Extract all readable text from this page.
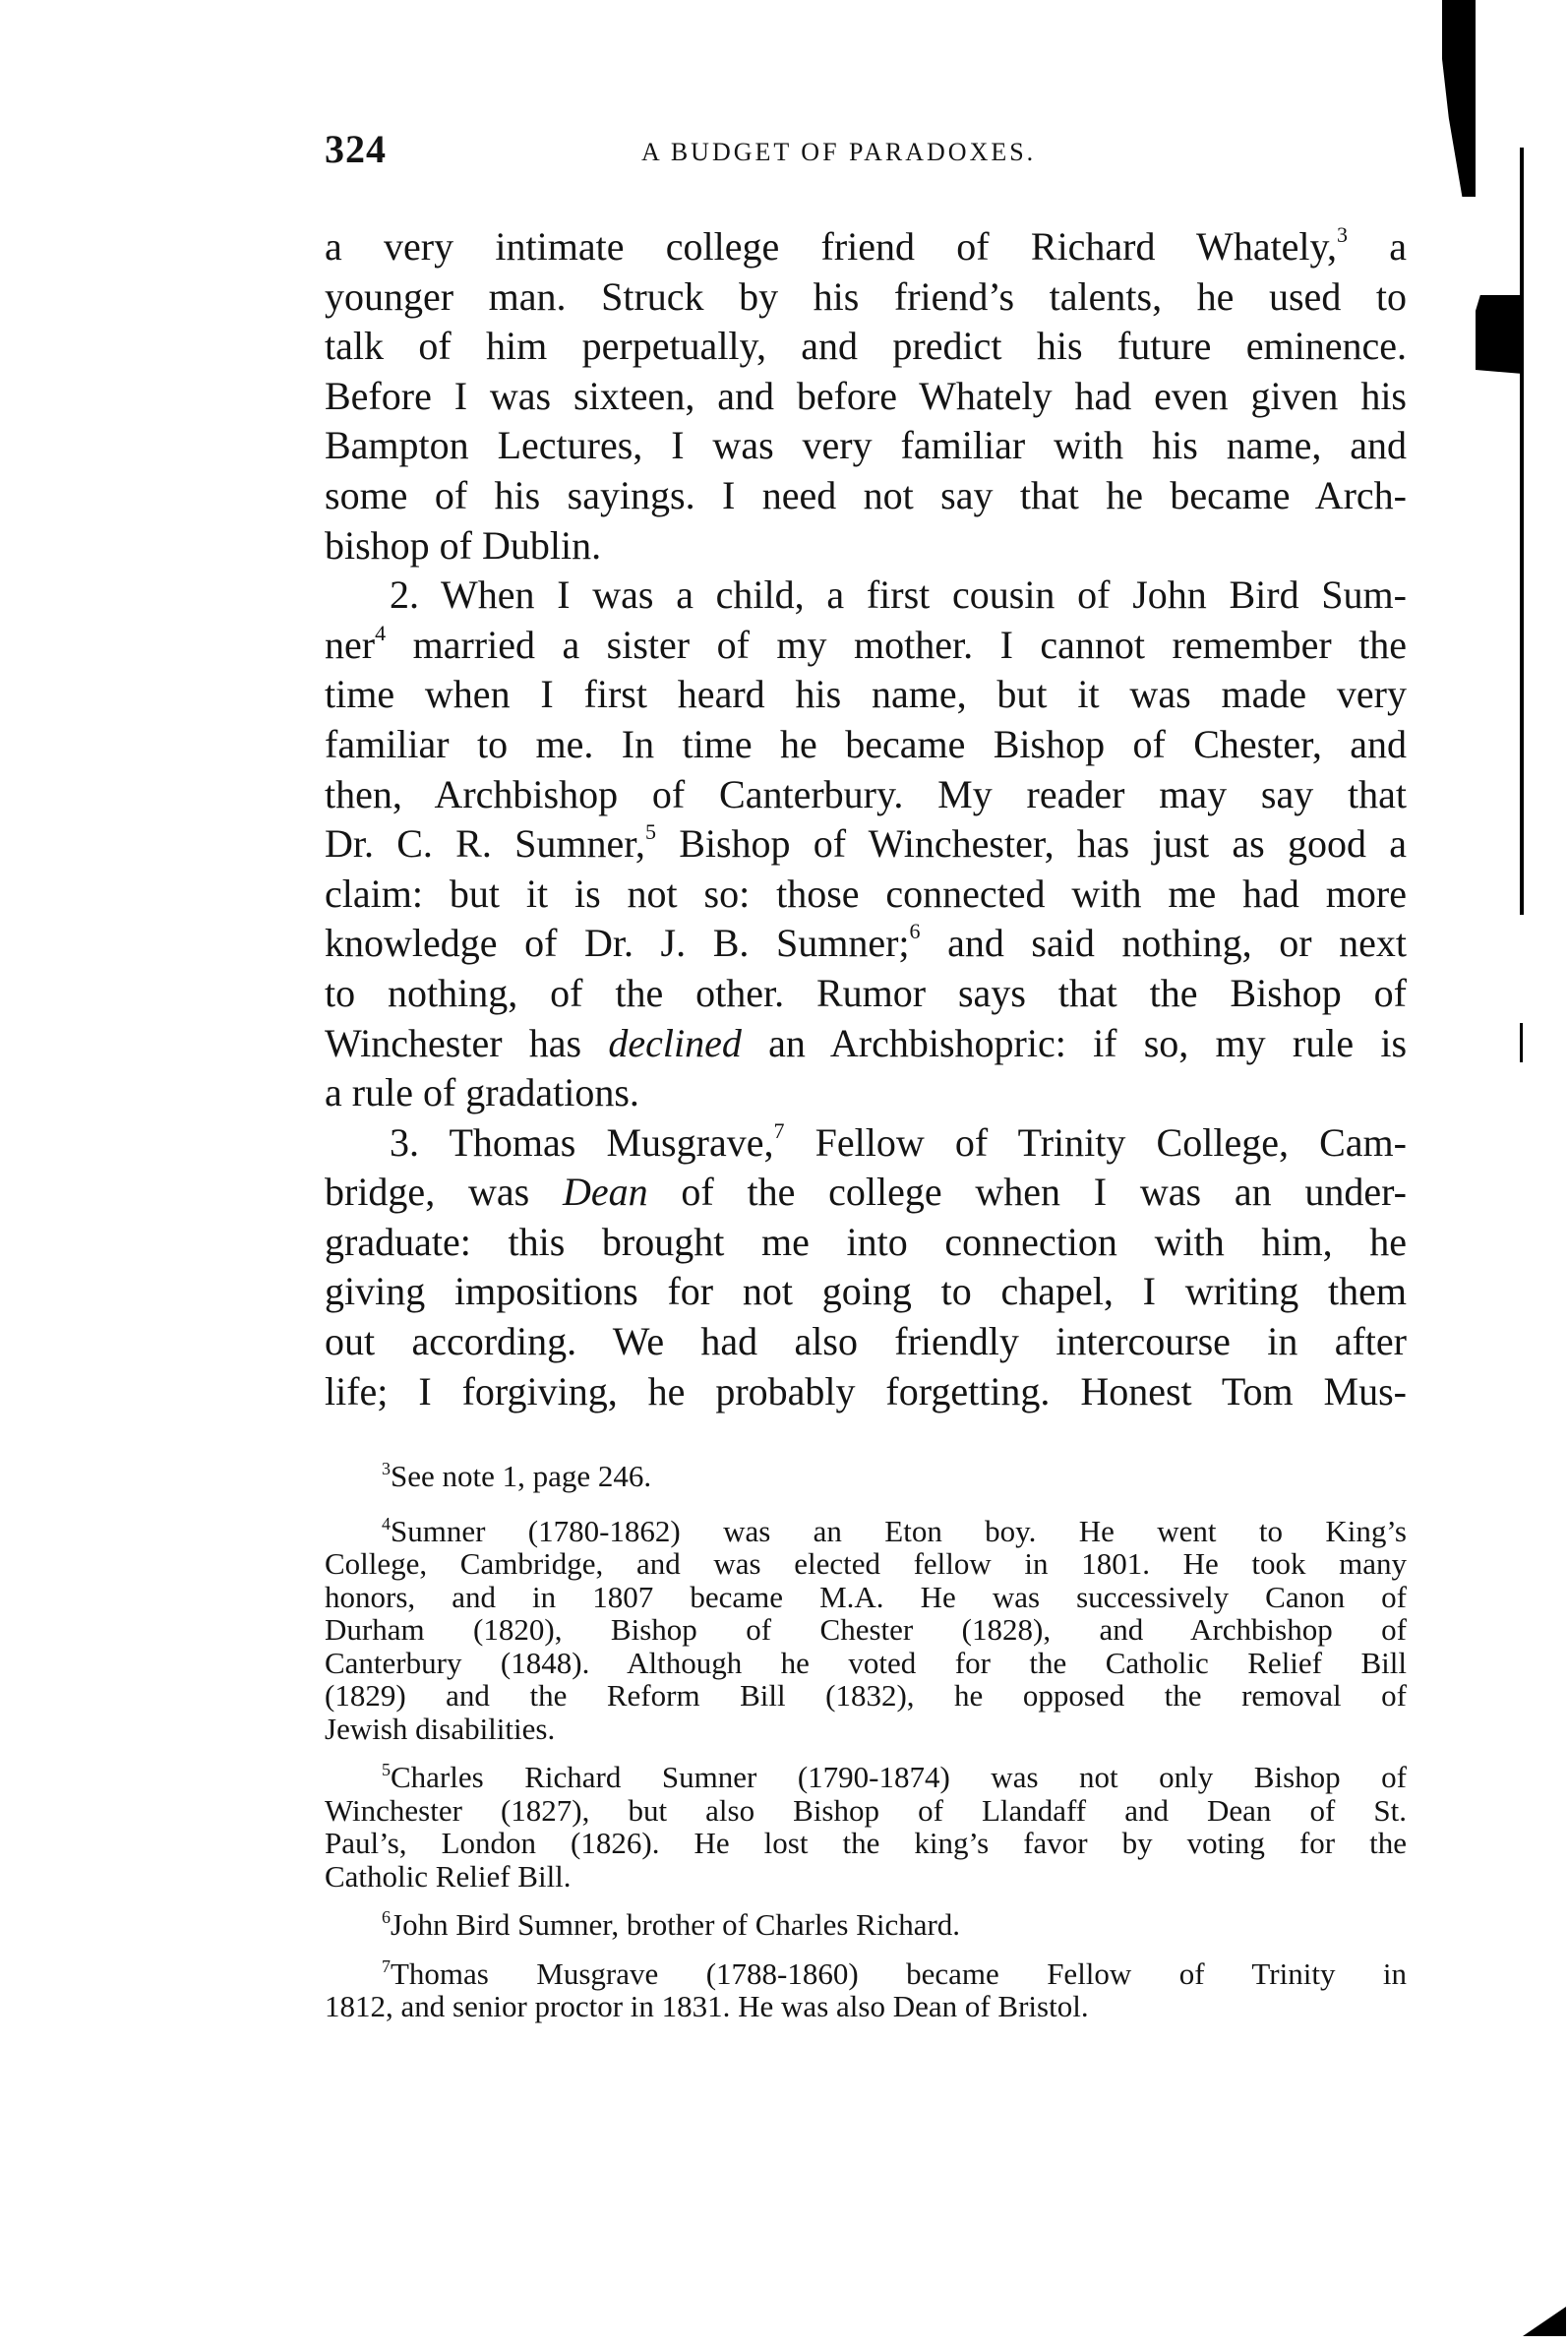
324	A BUDGET OF PARADOXES.
a very intimate college friend of Richard Whately,$^3$ a
younger man. Struck by his friend’s talents, he used to
talk of him perpetually, and predict his future eminence.
Before I was sixteen, and before Whately had even given his
Bampton Lectures, I was very familiar with his name, and
some of his sayings. I need not say that he became Arch-
bishop of Dublin.
2. When I was a child, a first cousin of John Bird Sum-
ner$^4$ married a sister of my mother. I cannot remember the
time when I first heard his name, but it was made very
familiar to me. In time he became Bishop of Chester, and
then, Archbishop of Canterbury. My reader may say that
Dr. C. R. Sumner,$^5$ Bishop of Winchester, has just as good a
claim: but it is not so: those connected with me had more
knowledge of Dr. J. B. Sumner;$^6$ and said nothing, or next
to nothing, of the other. Rumor says that the Bishop of
Winchester has declined an Archbishopric: if so, my rule is
a rule of gradations.
3. Thomas Musgrave,$^7$ Fellow of Trinity College, Cam-
bridge, was Dean of the college when I was an under-
graduate: this brought me into connection with him, he
giving impositions for not going to chapel, I writing them
out according. We had also friendly intercourse in after
life; I forgiving, he probably forgetting. Honest Tom Mus-
$^3$See note 1, page 246.
$^4$Sumner (1780-1862) was an Eton boy. He went to King’s
College, Cambridge, and was elected fellow in 1801. He took many
honors, and in 1807 became M.A. He was successively Canon of
Durham (1820), Bishop of Chester (1828), and Archbishop of
Canterbury (1848). Although he voted for the Catholic Relief Bill
(1829) and the Reform Bill (1832), he opposed the removal of
Jewish disabilities.
$^5$Charles Richard Sumner (1790-1874) was not only Bishop of
Winchester (1827), but also Bishop of Llandaff and Dean of St.
Paul’s, London (1826). He lost the king’s favor by voting for the
Catholic Relief Bill.
$^6$John Bird Sumner, brother of Charles Richard.
$^7$Thomas Musgrave (1788-1860) became Fellow of Trinity in
1812, and senior proctor in 1831. He was also Dean of Bristol.
